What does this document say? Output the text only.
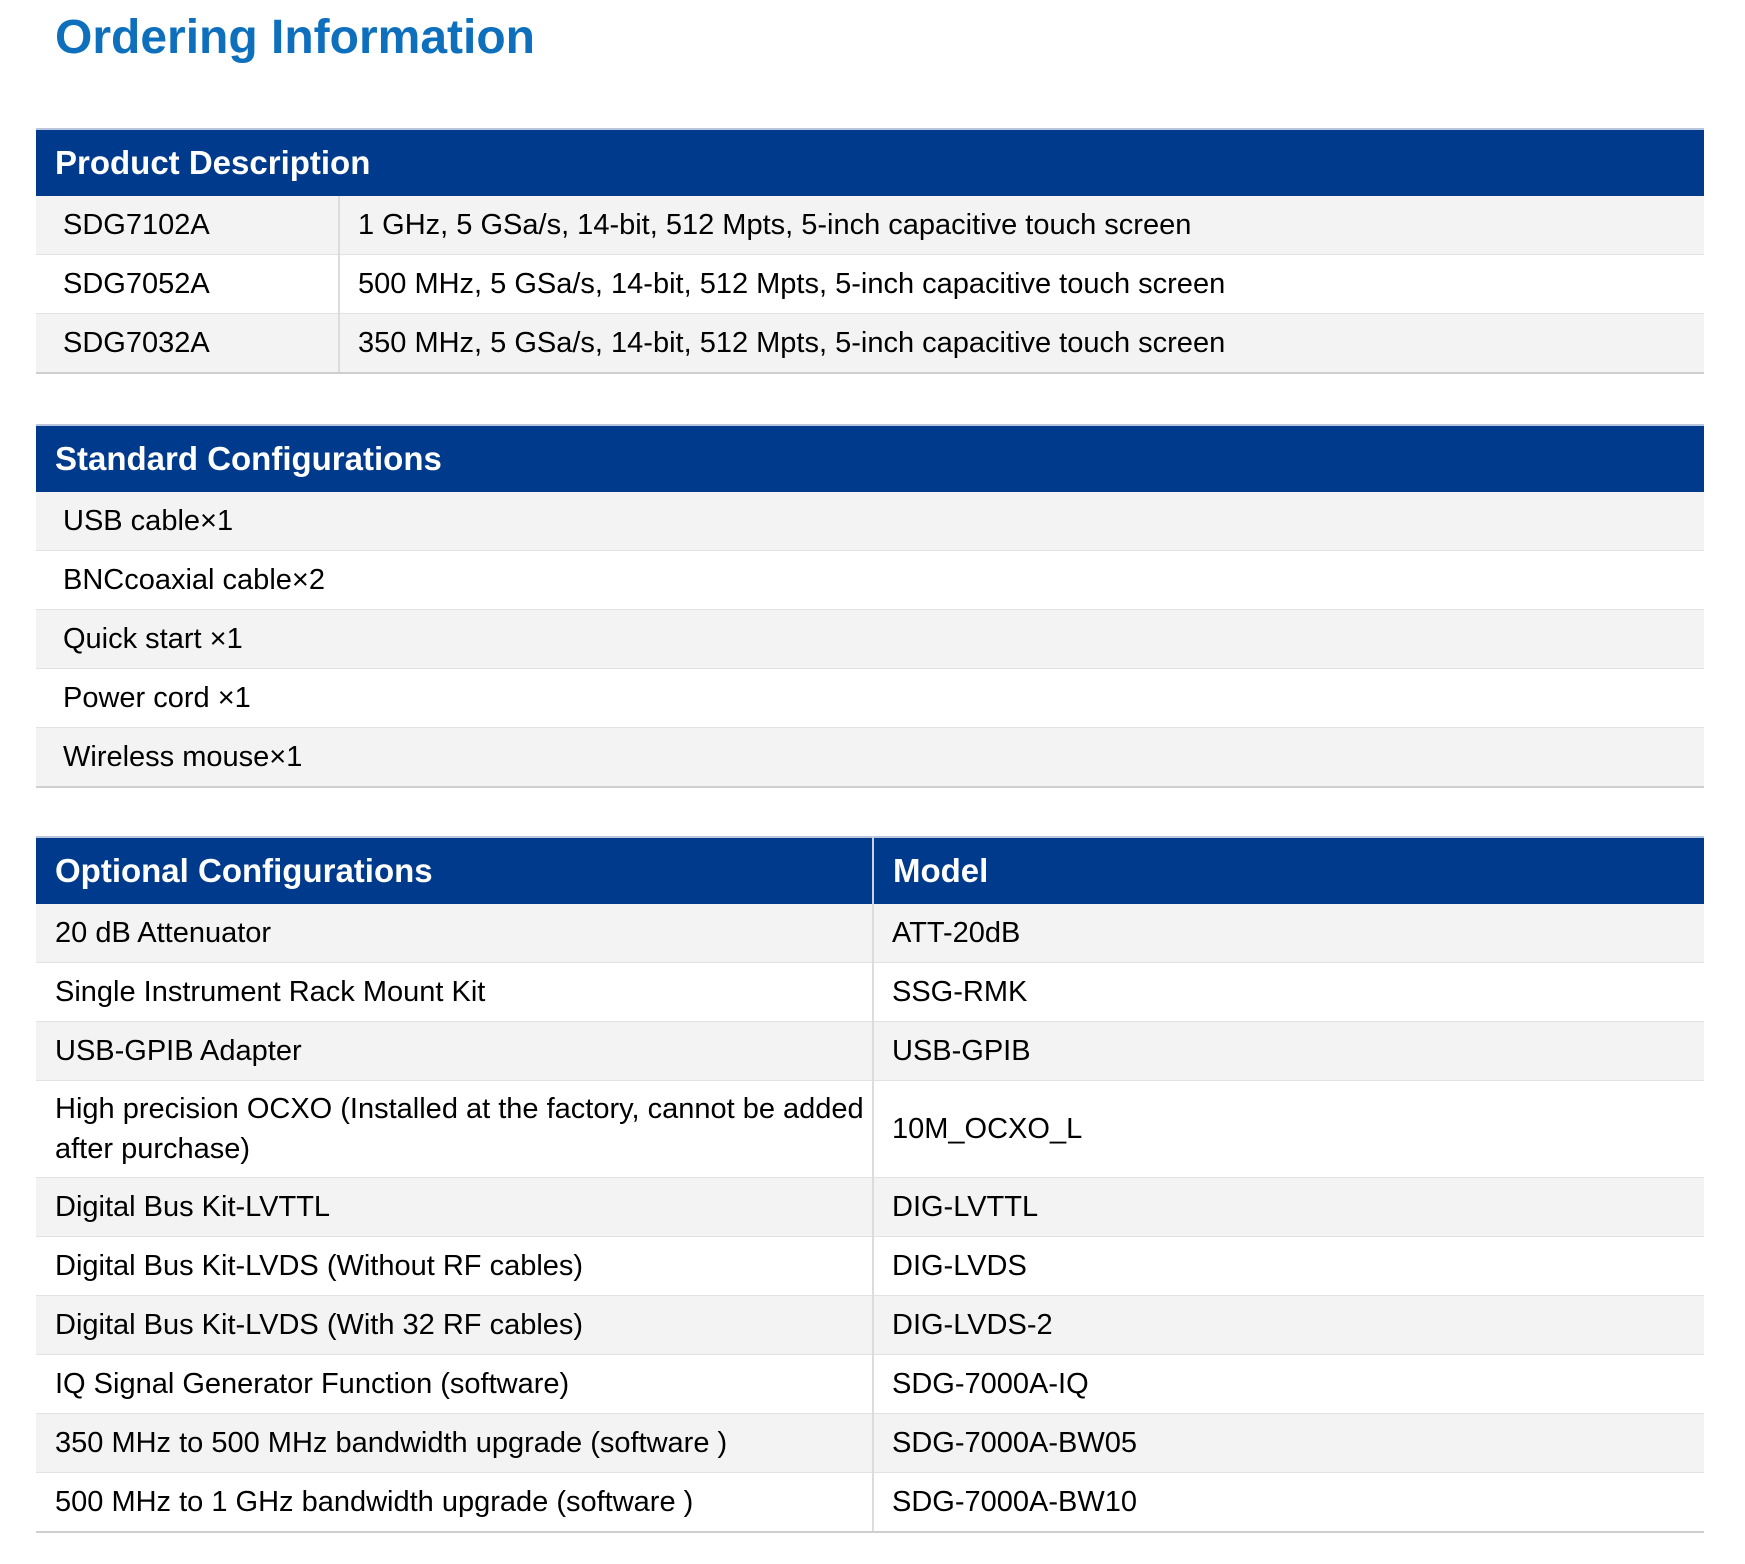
Ordering Information
Product Description	
SDG7102A	1 GHz, 5 GSa/s, 14-bit, 512 Mpts, 5-inch capacitive touch screen
SDG7052A	500 MHz, 5 GSa/s, 14-bit, 512 Mpts, 5-inch capacitive touch screen
SDG7032A	350 MHz, 5 GSa/s, 14-bit, 512 Mpts, 5-inch capacitive touch screen
Standard Configurations
USB cable×1
BNCcoaxial cable×2
Quick start ×1
Power cord ×1
Wireless mouse×1
Optional Configurations	Model
20 dB Attenuator	ATT-20dB
Single Instrument Rack Mount Kit	SSG-RMK
USB-GPIB Adapter	USB-GPIB
High precision OCXO (Installed at the factory, cannot be added after purchase)	10M_OCXO_L
Digital Bus Kit-LVTTL	DIG-LVTTL
Digital Bus Kit-LVDS (Without RF cables)	DIG-LVDS
Digital Bus Kit-LVDS (With 32 RF cables)	DIG-LVDS-2
IQ Signal Generator Function (software)	SDG-7000A-IQ
350 MHz to 500 MHz bandwidth upgrade (software )	SDG-7000A-BW05
500 MHz to 1 GHz bandwidth upgrade (software )	SDG-7000A-BW10
